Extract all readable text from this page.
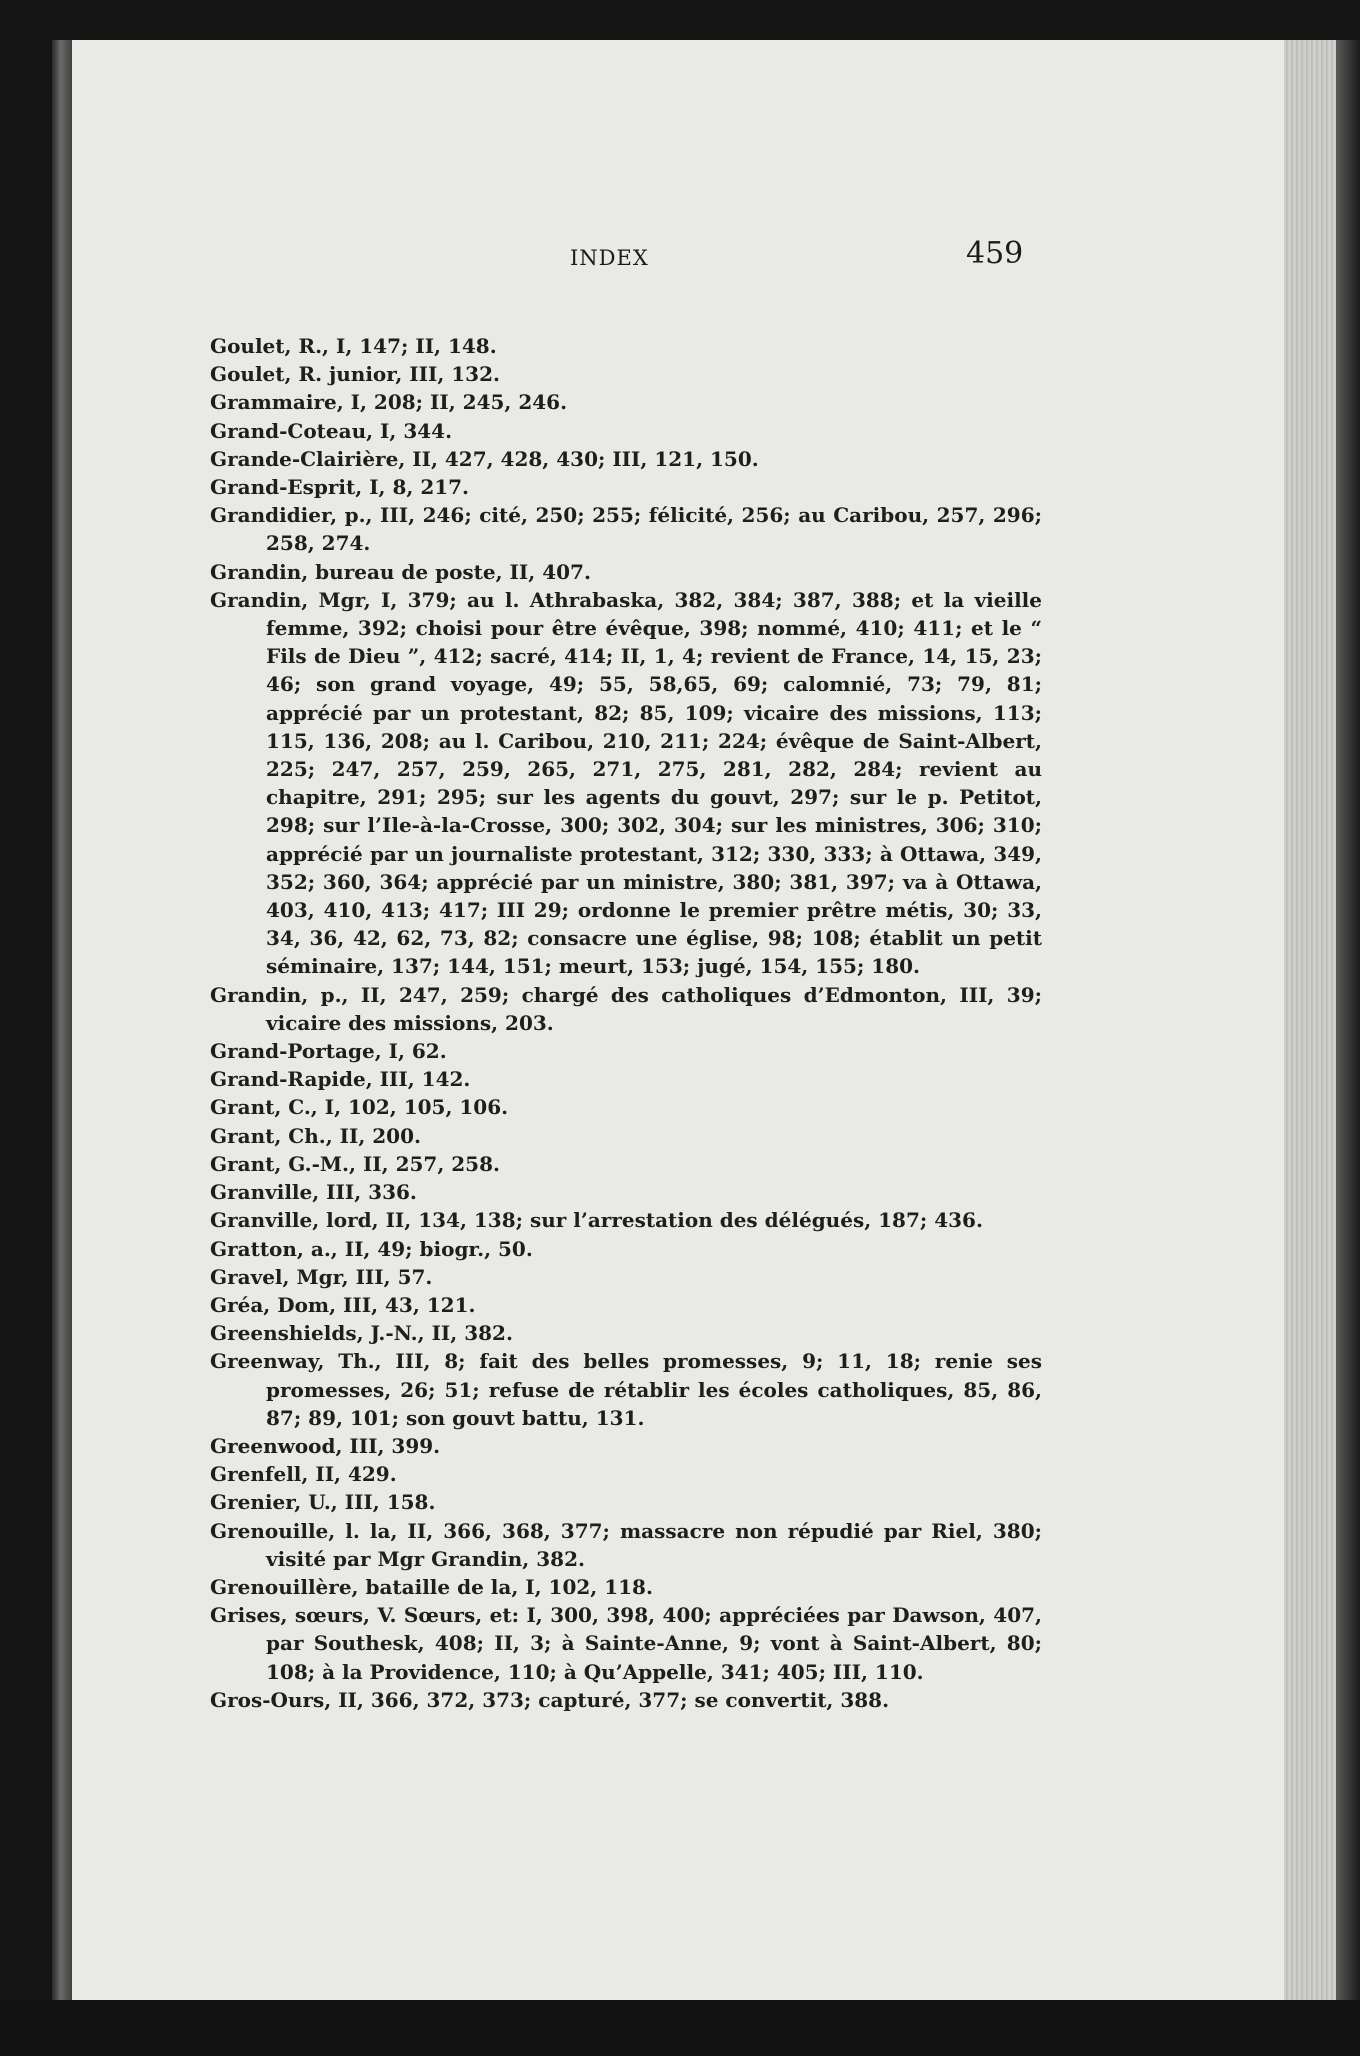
INDEX	459
Goulet, R., I, 147; II, 148.
Goulet, R. junior, III, 132.
Grammaire, I, 208; II, 245, 246.
Grand-Coteau, I, 344.
Grande-Clairière, II, 427, 428, 430; III, 121, 150.
Grand-Esprit, I, 8, 217.
Grandidier, p., III, 246; cité, 250; 255; félicité, 256; au Caribou, 257, 296; 258, 274.
Grandin, bureau de poste, II, 407.
Grandin, Mgr, I, 379; au l. Athrabaska, 382, 384; 387, 388; et la vieille femme, 392; choisi pour être évêque, 398; nommé, 410; 411; et le “ Fils de Dieu ”, 412; sacré, 414; II, 1, 4; revient de France, 14, 15, 23; 46; son grand voyage, 49; 55, 58,65, 69; calomnié, 73; 79, 81; apprécié par un protestant, 82; 85, 109; vicaire des missions, 113; 115, 136, 208; au l. Caribou, 210, 211; 224; évêque de Saint-Albert, 225; 247, 257, 259, 265, 271, 275, 281, 282, 284; revient au chapitre, 291; 295; sur les agents du gouvt, 297; sur le p. Petitot, 298; sur l’Ile-à-la-Crosse, 300; 302, 304; sur les ministres, 306; 310; apprécié par un journaliste protestant, 312; 330, 333; à Ottawa, 349, 352; 360, 364; apprécié par un ministre, 380; 381, 397; va à Ottawa, 403, 410, 413; 417; III 29; ordonne le premier prêtre métis, 30; 33, 34, 36, 42, 62, 73, 82; consacre une église, 98; 108; établit un petit séminaire, 137; 144, 151; meurt, 153; jugé, 154, 155; 180.
Grandin, p., II, 247, 259; chargé des catholiques d’Edmonton, III, 39; vicaire des missions, 203.
Grand-Portage, I, 62.
Grand-Rapide, III, 142.
Grant, C., I, 102, 105, 106.
Grant, Ch., II, 200.
Grant, G.-M., II, 257, 258.
Granville, III, 336.
Granville, lord, II, 134, 138; sur l’arrestation des délégués, 187; 436.
Gratton, a., II, 49; biogr., 50.
Gravel, Mgr, III, 57.
Gréa, Dom, III, 43, 121.
Greenshields, J.-N., II, 382.
Greenway, Th., III, 8; fait des belles promesses, 9; 11, 18; renie ses promesses, 26; 51; refuse de rétablir les écoles catholiques, 85, 86, 87; 89, 101; son gouvt battu, 131.
Greenwood, III, 399.
Grenfell, II, 429.
Grenier, U., III, 158.
Grenouille, l. la, II, 366, 368, 377; massacre non répudié par Riel, 380; visité par Mgr Grandin, 382.
Grenouillère, bataille de la, I, 102, 118.
Grises, sœurs, V. Sœurs, et: I, 300, 398, 400; appréciées par Dawson, 407, par Southesk, 408; II, 3; à Sainte-Anne, 9; vont à Saint-Albert, 80; 108; à la Providence, 110; à Qu’Appelle, 341; 405; III, 110.
Gros-Ours, II, 366, 372, 373; capturé, 377; se convertit, 388.
